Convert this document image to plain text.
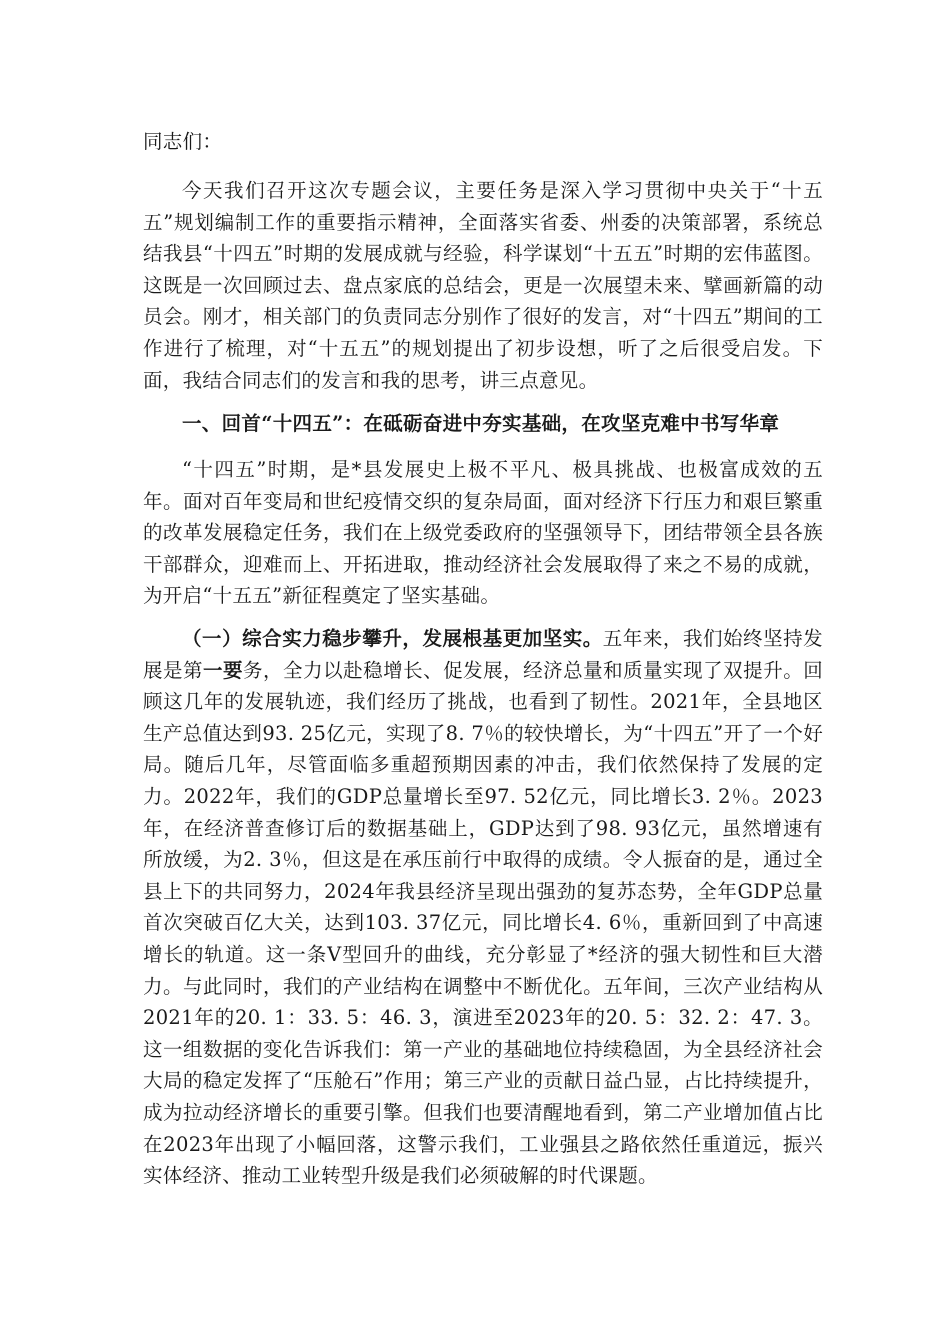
同志们：
今天我们召开这次专题会议，主要任务是深入学习贯彻中央关于“十五五”规划编制工作的重要指示精神，全面落实省委、州委的决策部署，系统总结我县“十四五”时期的发展成就与经验，科学谋划“十五五”时期的宏伟蓝图。这既是一次回顾过去、盘点家底的总结会，更是一次展望未来、擘画新篇的动员会。刚才，相关部门的负责同志分别作了很好的发言，对“十四五”期间的工作进行了梳理，对“十五五”的规划提出了初步设想，听了之后很受启发。下面，我结合同志们的发言和我的思考，讲三点意见。
一、回首“十四五”：在砥砺奋进中夯实基础，在攻坚克难中书写华章
“十四五”时期，是*县发展史上极不平凡、极具挑战、也极富成效的五年。面对百年变局和世纪疫情交织的复杂局面，面对经济下行压力和艰巨繁重的改革发展稳定任务，我们在上级党委政府的坚强领导下，团结带领全县各族干部群众，迎难而上、开拓进取，推动经济社会发展取得了来之不易的成就，为开启“十五五”新征程奠定了坚实基础。
（一）综合实力稳步攀升，发展根基更加坚实。五年来，我们始终坚持发展是第一要务，全力以赴稳增长、促发展，经济总量和质量实现了双提升。回顾这几年的发展轨迹，我们经历了挑战，也看到了韧性。2021年，全县地区生产总值达到93. 25亿元，实现了8. 7％的较快增长，为“十四五”开了一个好局。随后几年，尽管面临多重超预期因素的冲击，我们依然保持了发展的定力。2022年，我们的GDP总量增长至97. 52亿元，同比增长3. 2％。2023年，在经济普查修订后的数据基础上，GDP达到了98. 93亿元，虽然增速有所放缓，为2. 3％，但这是在承压前行中取得的成绩。令人振奋的是，通过全县上下的共同努力，2024年我县经济呈现出强劲的复苏态势，全年GDP总量首次突破百亿大关，达到103. 37亿元，同比增长4. 6％，重新回到了中高速增长的轨道。这一条V型回升的曲线，充分彰显了*经济的强大韧性和巨大潜力。与此同时，我们的产业结构在调整中不断优化。五年间，三次产业结构从2021年的20. 1：33. 5：46. 3，演进至2023年的20. 5：32. 2：47. 3。这一组数据的变化告诉我们：第一产业的基础地位持续稳固，为全县经济社会大局的稳定发挥了“压舱石”作用；第三产业的贡献日益凸显，占比持续提升，成为拉动经济增长的重要引擎。但我们也要清醒地看到，第二产业增加值占比在2023年出现了小幅回落，这警示我们，工业强县之路依然任重道远，振兴实体经济、推动工业转型升级是我们必须破解的时代课题。
